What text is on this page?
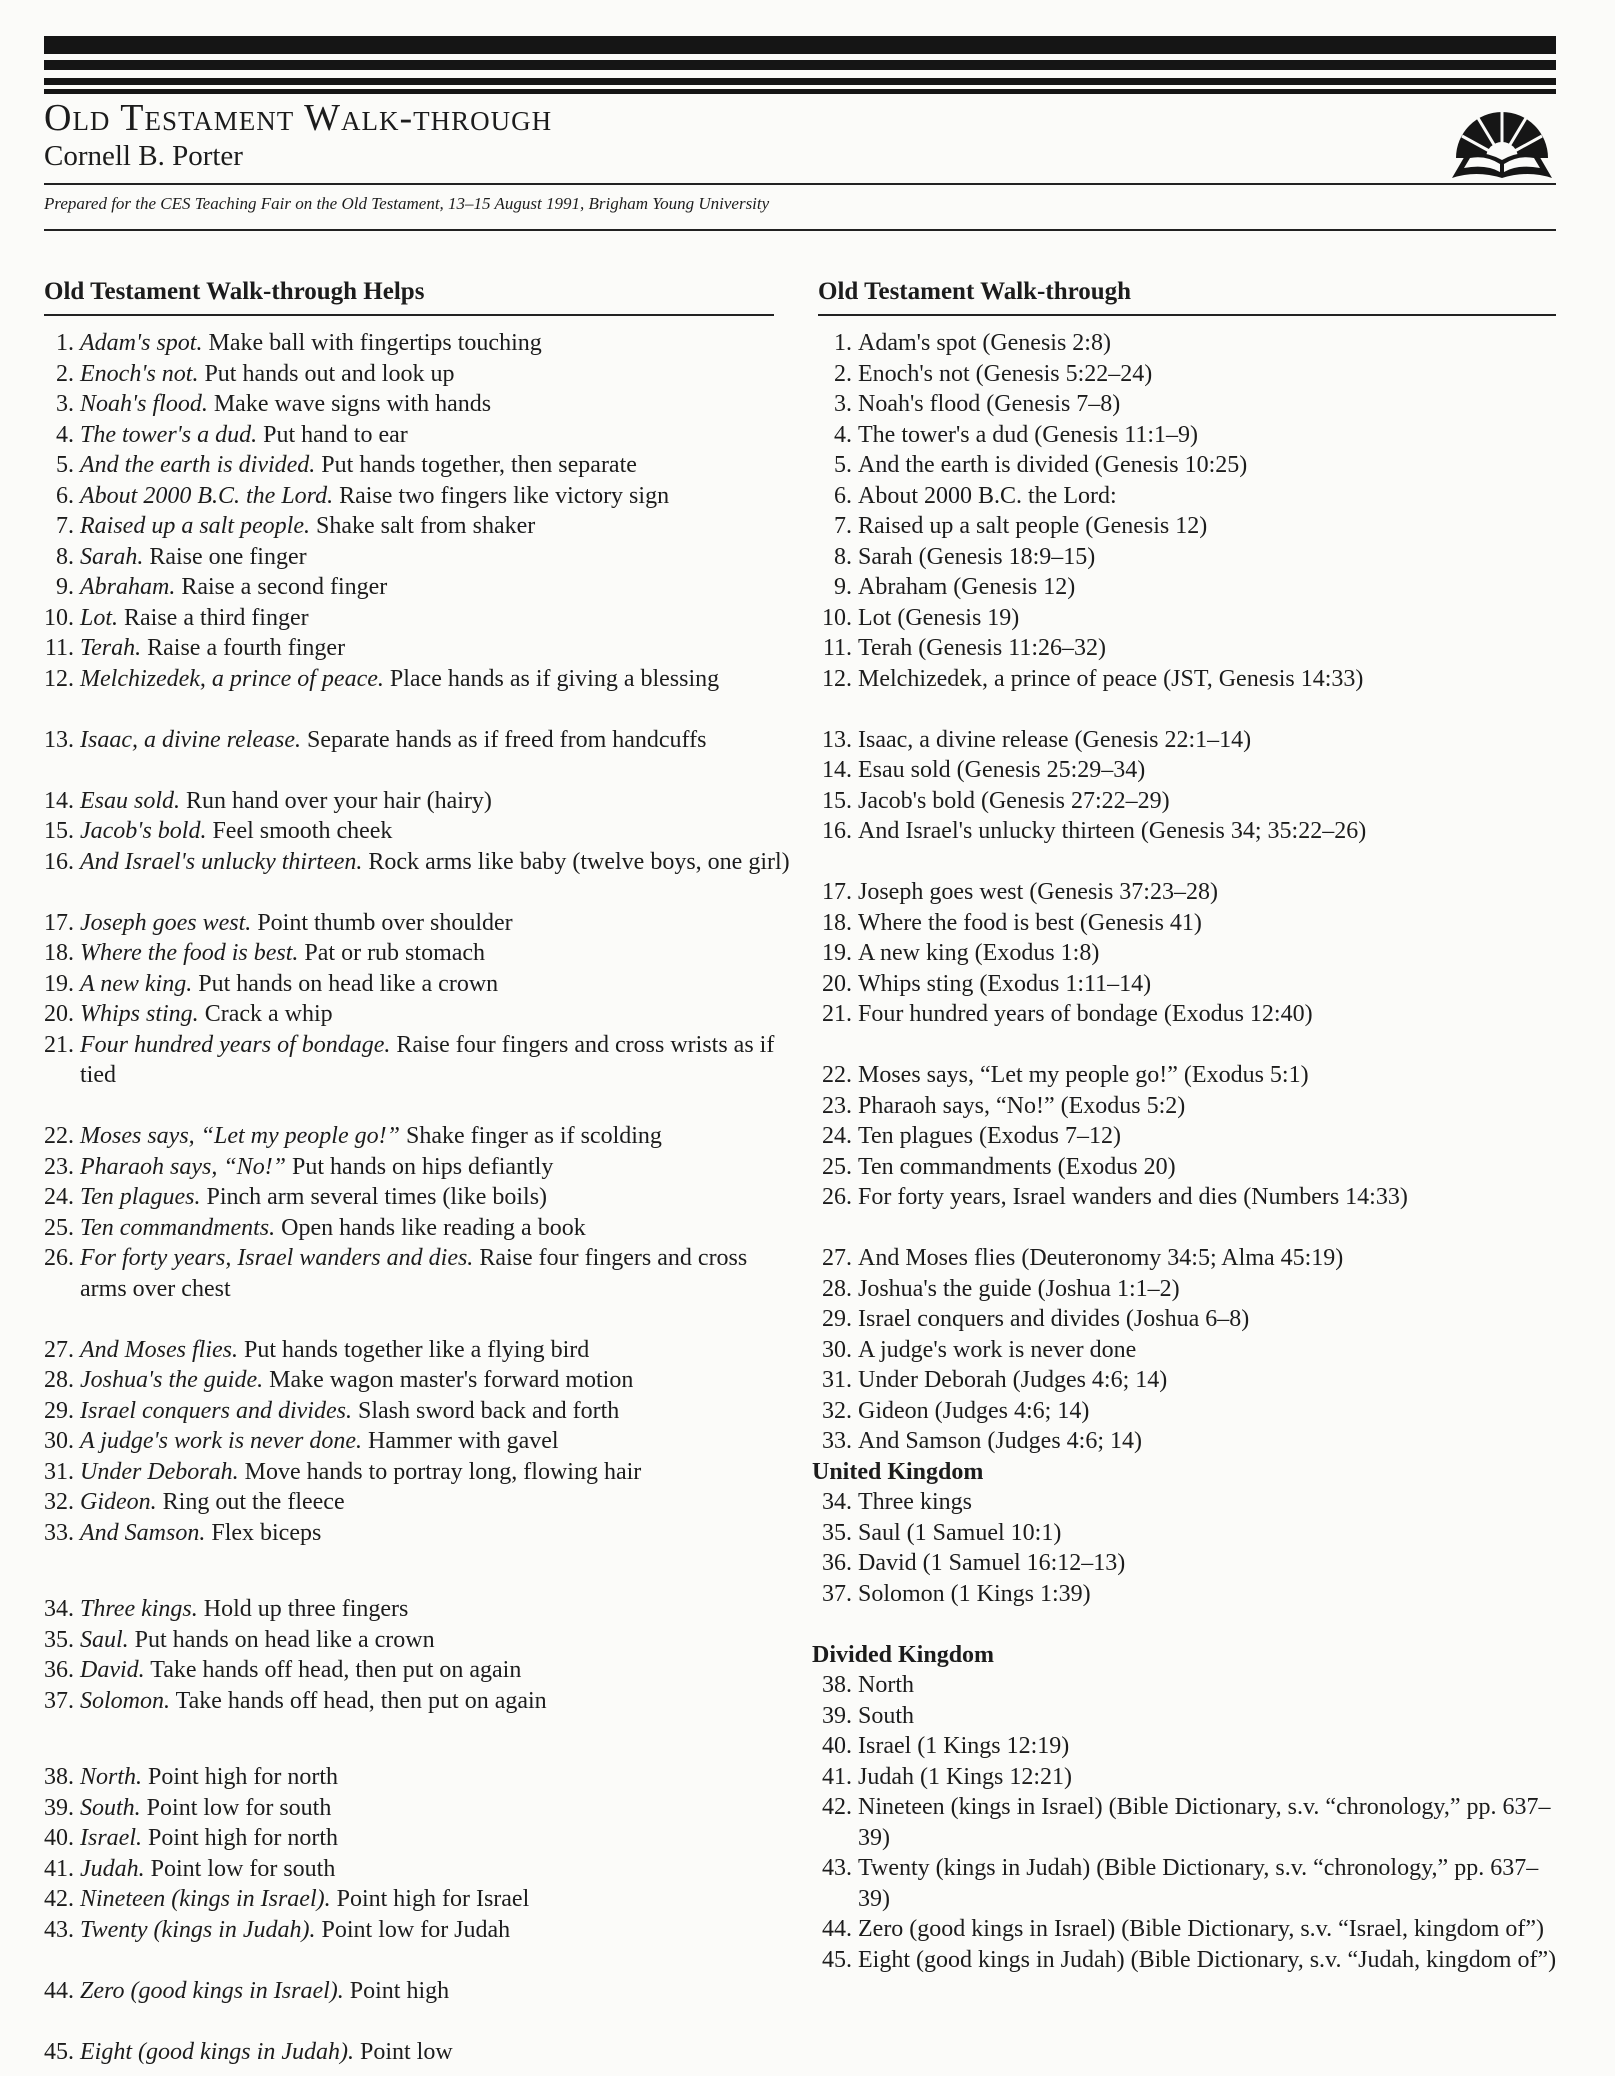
Old Testament Walk-through
Cornell B. Porter
Prepared for the CES Teaching Fair on the Old Testament, 13–15 August 1991, Brigham Young University
Old Testament Walk-through Helps	Old Testament Walk-through
1. Adam's spot. Make ball with fingertips touching
2. Enoch's not. Put hands out and look up
3. Noah's flood. Make wave signs with hands
4. The tower's a dud. Put hand to ear
5. And the earth is divided. Put hands together, then separate
6. About 2000 B.C. the Lord. Raise two fingers like victory sign
7. Raised up a salt people. Shake salt from shaker
8. Sarah. Raise one finger
9. Abraham. Raise a second finger
10. Lot. Raise a third finger
11. Terah. Raise a fourth finger
12. Melchizedek, a prince of peace. Place hands as if giving a blessing
13. Isaac, a divine release. Separate hands as if freed from handcuffs
14. Esau sold. Run hand over your hair (hairy)
15. Jacob's bold. Feel smooth cheek
16. And Israel's unlucky thirteen. Rock arms like baby (twelve boys, one girl)
17. Joseph goes west. Point thumb over shoulder
18. Where the food is best. Pat or rub stomach
19. A new king. Put hands on head like a crown
20. Whips sting. Crack a whip
21. Four hundred years of bondage. Raise four fingers and cross wrists as if tied
22. Moses says, “Let my people go!” Shake finger as if scolding
23. Pharaoh says, “No!” Put hands on hips defiantly
24. Ten plagues. Pinch arm several times (like boils)
25. Ten commandments. Open hands like reading a book
26. For forty years, Israel wanders and dies. Raise four fingers and cross arms over chest
27. And Moses flies. Put hands together like a flying bird
28. Joshua's the guide. Make wagon master's forward motion
29. Israel conquers and divides. Slash sword back and forth
30. A judge's work is never done. Hammer with gavel
31. Under Deborah. Move hands to portray long, flowing hair
32. Gideon. Ring out the fleece
33. And Samson. Flex biceps
34. Three kings. Hold up three fingers
35. Saul. Put hands on head like a crown
36. David. Take hands off head, then put on again
37. Solomon. Take hands off head, then put on again
38. North. Point high for north
39. South. Point low for south
40. Israel. Point high for north
41. Judah. Point low for south
42. Nineteen (kings in Israel). Point high for Israel
43. Twenty (kings in Judah). Point low for Judah
44. Zero (good kings in Israel). Point high
45. Eight (good kings in Judah). Point low
1. Adam's spot (Genesis 2:8)
2. Enoch's not (Genesis 5:22–24)
3. Noah's flood (Genesis 7–8)
4. The tower's a dud (Genesis 11:1–9)
5. And the earth is divided (Genesis 10:25)
6. About 2000 B.C. the Lord:
7. Raised up a salt people (Genesis 12)
8. Sarah (Genesis 18:9–15)
9. Abraham (Genesis 12)
10. Lot (Genesis 19)
11. Terah (Genesis 11:26–32)
12. Melchizedek, a prince of peace (JST, Genesis 14:33)
13. Isaac, a divine release (Genesis 22:1–14)
14. Esau sold (Genesis 25:29–34)
15. Jacob's bold (Genesis 27:22–29)
16. And Israel's unlucky thirteen (Genesis 34; 35:22–26)
17. Joseph goes west (Genesis 37:23–28)
18. Where the food is best (Genesis 41)
19. A new king (Exodus 1:8)
20. Whips sting (Exodus 1:11–14)
21. Four hundred years of bondage (Exodus 12:40)
22. Moses says, “Let my people go!” (Exodus 5:1)
23. Pharaoh says, “No!” (Exodus 5:2)
24. Ten plagues (Exodus 7–12)
25. Ten commandments (Exodus 20)
26. For forty years, Israel wanders and dies (Numbers 14:33)
27. And Moses flies (Deuteronomy 34:5; Alma 45:19)
28. Joshua's the guide (Joshua 1:1–2)
29. Israel conquers and divides (Joshua 6–8)
30. A judge's work is never done
31. Under Deborah (Judges 4:6; 14)
32. Gideon (Judges 4:6; 14)
33. And Samson (Judges 4:6; 14)
United Kingdom
34. Three kings
35. Saul (1 Samuel 10:1)
36. David (1 Samuel 16:12–13)
37. Solomon (1 Kings 1:39)

Divided Kingdom
38. North
39. South
40. Israel (1 Kings 12:19)
41. Judah (1 Kings 12:21)
42. Nineteen (kings in Israel) (Bible Dictionary, s.v. “chronology,” pp. 637–39)
43. Twenty (kings in Judah) (Bible Dictionary, s.v. “chronology,” pp. 637–39)
44. Zero (good kings in Israel) (Bible Dictionary, s.v. “Israel, kingdom of”)
45. Eight (good kings in Judah) (Bible Dictionary, s.v. “Judah, kingdom of”)
